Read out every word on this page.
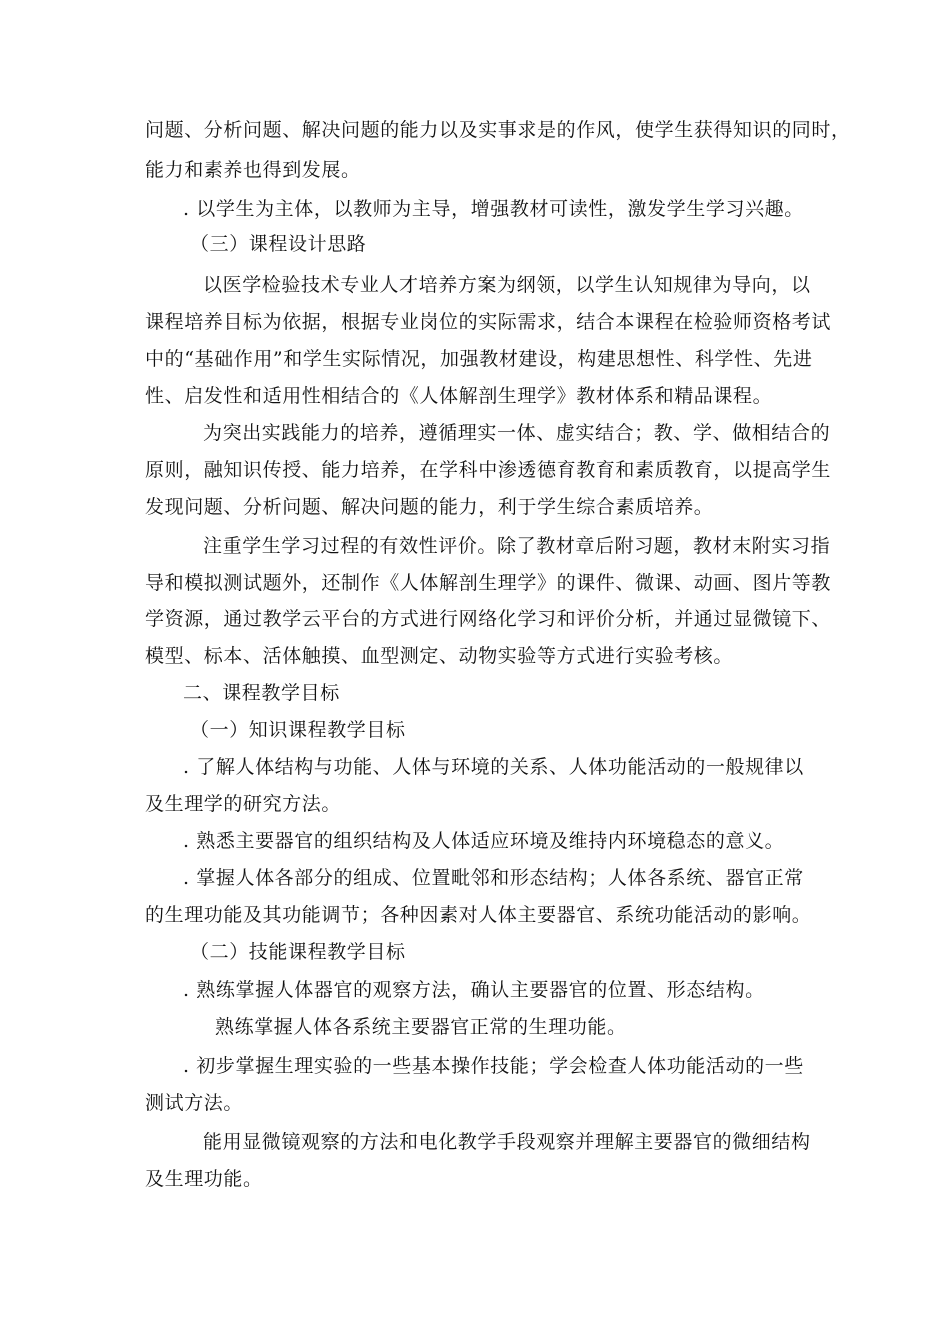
问题、分析问题、解决问题的能力以及实事求是的作风，使学生获得知识的同时，
能力和素养也得到发展。
. 以学生为主体，以教师为主导，增强教材可读性，激发学生学习兴趣。
（三）课程设计思路
以医学检验技术专业人才培养方案为纲领，以学生认知规律为导向，以
课程培养目标为依据，根据专业岗位的实际需求，结合本课程在检验师资格考试
中的“基础作用”和学生实际情况，加强教材建设，构建思想性、科学性、先进
性、启发性和适用性相结合的《人体解剖生理学》教材体系和精品课程。
为突出实践能力的培养，遵循理实一体、虚实结合；教、学、做相结合的
原则，融知识传授、能力培养，在学科中渗透德育教育和素质教育，以提高学生
发现问题、分析问题、解决问题的能力，利于学生综合素质培养。
注重学生学习过程的有效性评价。除了教材章后附习题，教材末附实习指
导和模拟测试题外，还制作《人体解剖生理学》的课件、微课、动画、图片等教
学资源，通过教学云平台的方式进行网络化学习和评价分析，并通过显微镜下、
模型、标本、活体触摸、血型测定、动物实验等方式进行实验考核。
二、课程教学目标
（一）知识课程教学目标
. 了解人体结构与功能、人体与环境的关系、人体功能活动的一般规律以
及生理学的研究方法。
. 熟悉主要器官的组织结构及人体适应环境及维持内环境稳态的意义。
. 掌握人体各部分的组成、位置毗邻和形态结构；人体各系统、器官正常
的生理功能及其功能调节；各种因素对人体主要器官、系统功能活动的影响。
（二）技能课程教学目标
. 熟练掌握人体器官的观察方法，确认主要器官的位置、形态结构。
熟练掌握人体各系统主要器官正常的生理功能。
. 初步掌握生理实验的一些基本操作技能；学会检查人体功能活动的一些
测试方法。
能用显微镜观察的方法和电化教学手段观察并理解主要器官的微细结构
及生理功能。
